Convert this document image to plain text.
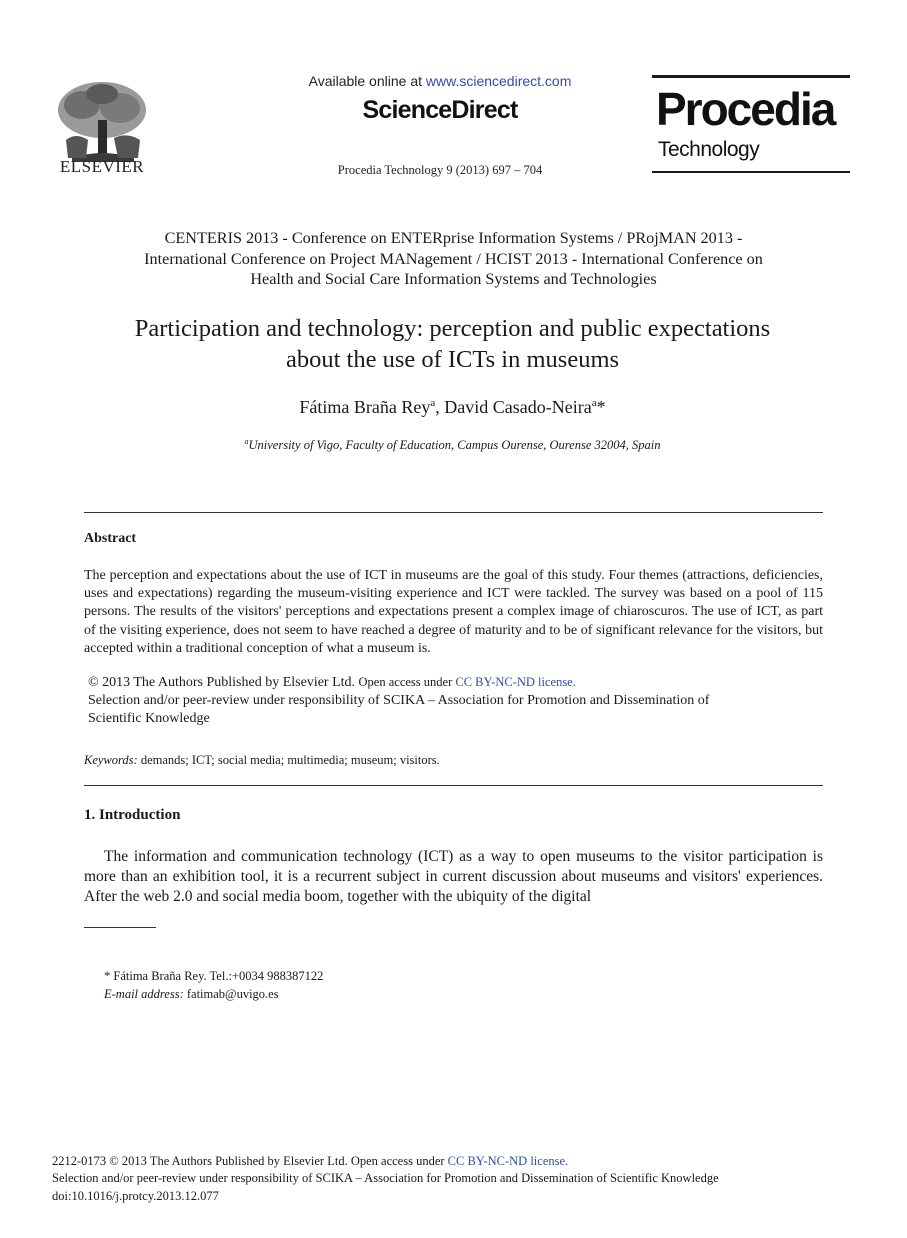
ELSEVIER
Available online at www.sciencedirect.com
ScienceDirect
Procedia Technology 9 (2013) 697 – 704
Procedia
Technology
CENTERIS 2013 - Conference on ENTERprise Information Systems / PRojMAN 2013 -
International Conference on Project MANagement / HCIST 2013 - International Conference on
Health and Social Care Information Systems and Technologies
Participation and technology: perception and public expectations
about the use of ICTs in museums
Fátima Braña Rey$^a$, David Casado-Neira$^a$*
$^a$University of Vigo, Faculty of Education, Campus Ourense, Ourense 32004, Spain
Abstract
The perception and expectations about the use of ICT in museums are the goal of this study. Four themes (attractions, deficiencies, uses and expectations) regarding the museum-visiting experience and ICT were tackled. The survey was based on a pool of 115 persons. The results of the visitors' perceptions and expectations present a complex image of chiaroscuros. The use of ICT, as part of the visiting experience, does not seem to have reached a degree of maturity and to be of significant relevance for the visitors, but accepted within a traditional conception of what a museum is.
© 2013 The Authors Published by Elsevier Ltd. Open access under CC BY-NC-ND license.
Selection and/or peer-review under responsibility of SCIKA – Association for Promotion and Dissemination of
Scientific Knowledge
Keywords: demands; ICT; social media; multimedia; museum; visitors.
1. Introduction
The information and communication technology (ICT) as a way to open museums to the visitor participation is more than an exhibition tool, it is a recurrent subject in current discussion about museums and visitors' experiences. After the web 2.0 and social media boom, together with the ubiquity of the digital
* Fátima Braña Rey. Tel.:+0034 988387122
E-mail address: fatimab@uvigo.es
2212-0173 © 2013 The Authors Published by Elsevier Ltd. Open access under CC BY-NC-ND license.
Selection and/or peer-review under responsibility of SCIKA – Association for Promotion and Dissemination of Scientific Knowledge
doi:10.1016/j.protcy.2013.12.077
